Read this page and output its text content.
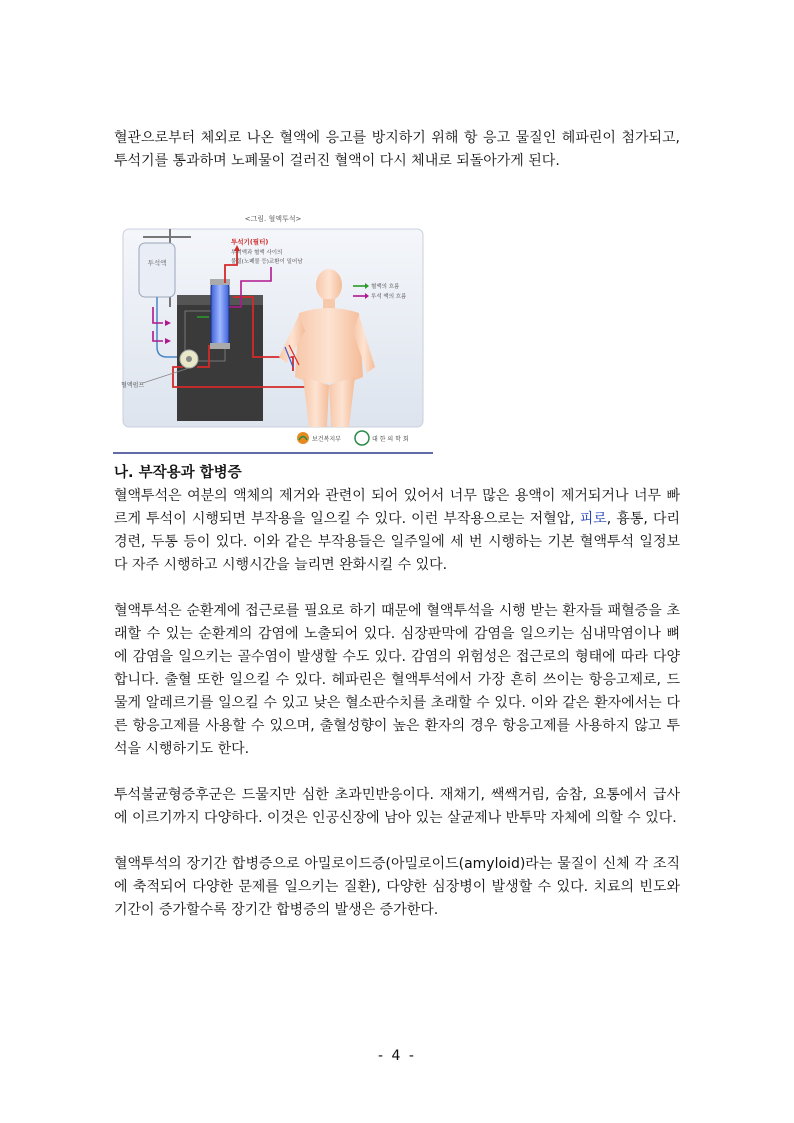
혈관으로부터 체외로 나온 혈액에 응고를 방지하기 위해 항 응고 물질인 헤파린이 첨가되고, 투석기를 통과하며 노폐물이 걸러진 혈액이 다시 체내로 되돌아가게 된다.

<그림. 혈액투석>
투석액
혈액펌프
투석기(필터)
투석액과 혈액 사이의
물질(노폐물 등)교환이 일어남
혈액의 흐름
투석 액의 흐름
보건복지부	대 한 의 학 회

나. 부작용과 합병증

혈액투석은 여분의 액체의 제거와 관련이 되어 있어서 너무 많은 용액이 제거되거나 너무 빠르게 투석이 시행되면 부작용을 일으킬 수 있다. 이런 부작용으로는 저혈압, 피로, 흉통, 다리경련, 두통 등이 있다. 이와 같은 부작용들은 일주일에 세 번 시행하는 기본 혈액투석 일정보다 자주 시행하고 시행시간을 늘리면 완화시킬 수 있다.

혈액투석은 순환계에 접근로를 필요로 하기 때문에 혈액투석을 시행 받는 환자들 패혈증을 초래할 수 있는 순환계의 감염에 노출되어 있다. 심장판막에 감염을 일으키는 심내막염이나 뼈에 감염을 일으키는 골수염이 발생할 수도 있다. 감염의 위험성은 접근로의 형태에 따라 다양합니다. 출혈 또한 일으킬 수 있다. 헤파린은 혈액투석에서 가장 흔히 쓰이는 항응고제로, 드물게 알레르기를 일으킬 수 있고 낮은 혈소판수치를 초래할 수 있다. 이와 같은 환자에서는 다른 항응고제를 사용할 수 있으며, 출혈성향이 높은 환자의 경우 항응고제를 사용하지 않고 투석을 시행하기도 한다.

투석불균형증후군은 드물지만 심한 초과민반응이다. 재채기, 쌕쌕거림, 숨참, 요통에서 급사에 이르기까지 다양하다. 이것은 인공신장에 남아 있는 살균제나 반투막 자체에 의할 수 있다.

혈액투석의 장기간 합병증으로 아밀로이드증(아밀로이드(amyloid)라는 물질이 신체 각 조직에 축적되어 다양한 문제를 일으키는 질환), 다양한 심장병이 발생할 수 있다. 치료의 빈도와 기간이 증가할수록 장기간 합병증의 발생은 증가한다.

- 4 -
